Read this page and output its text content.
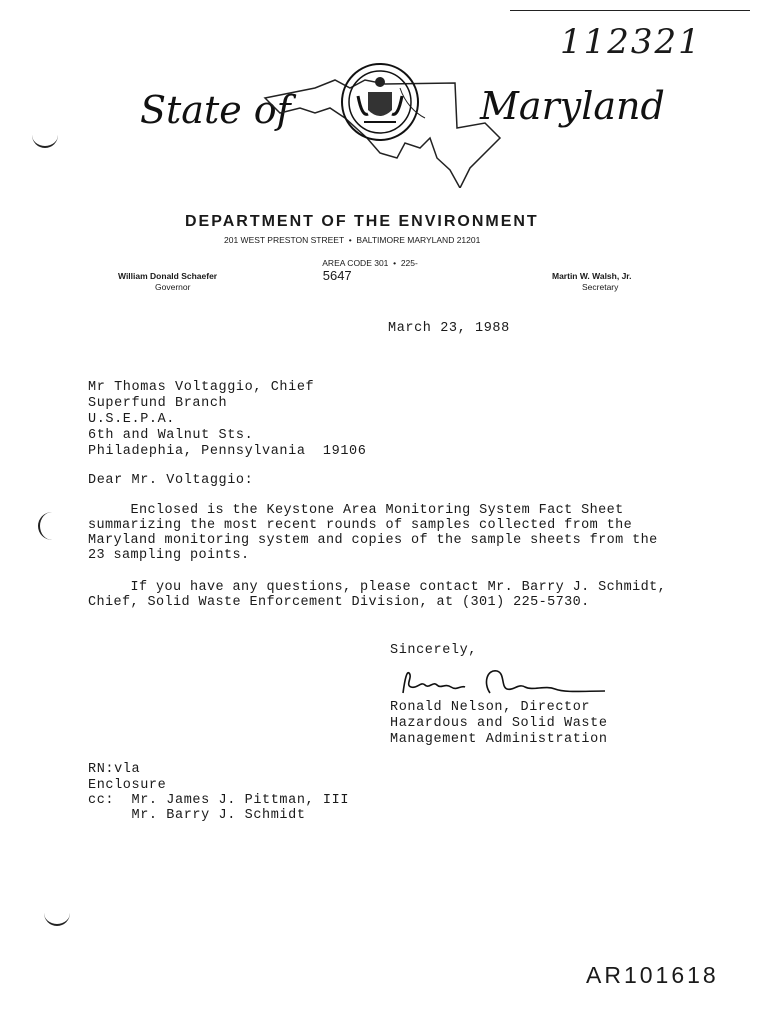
112321
State of	Maryland
DEPARTMENT OF THE ENVIRONMENT
201 WEST PRESTON STREET  •  BALTIMORE MARYLAND 21201

AREA CODE 301  •  225-
5647

William Donald Schaefer
Governor
Martin W. Walsh, Jr.
Secretary
March 23, 1988
Mr Thomas Voltaggio, Chief
Superfund Branch
U.S.E.P.A.
6th and Walnut Sts.
Philadephia, Pennsylvania  19106
Dear Mr. Voltaggio:
Enclosed is the Keystone Area Monitoring System Fact Sheet summarizing the most recent rounds of samples collected from the Maryland monitoring system and copies of the sample sheets from the 23 sampling points.
If you have any questions, please contact Mr. Barry J. Schmidt, Chief, Solid Waste Enforcement Division, at (301) 225-5730.
Sincerely,
Ronald Nelson, Director
Hazardous and Solid Waste
Management Administration
RN:vla
Enclosure
cc:  Mr. James J. Pittman, III
Mr. Barry J. Schmidt
AR101618
